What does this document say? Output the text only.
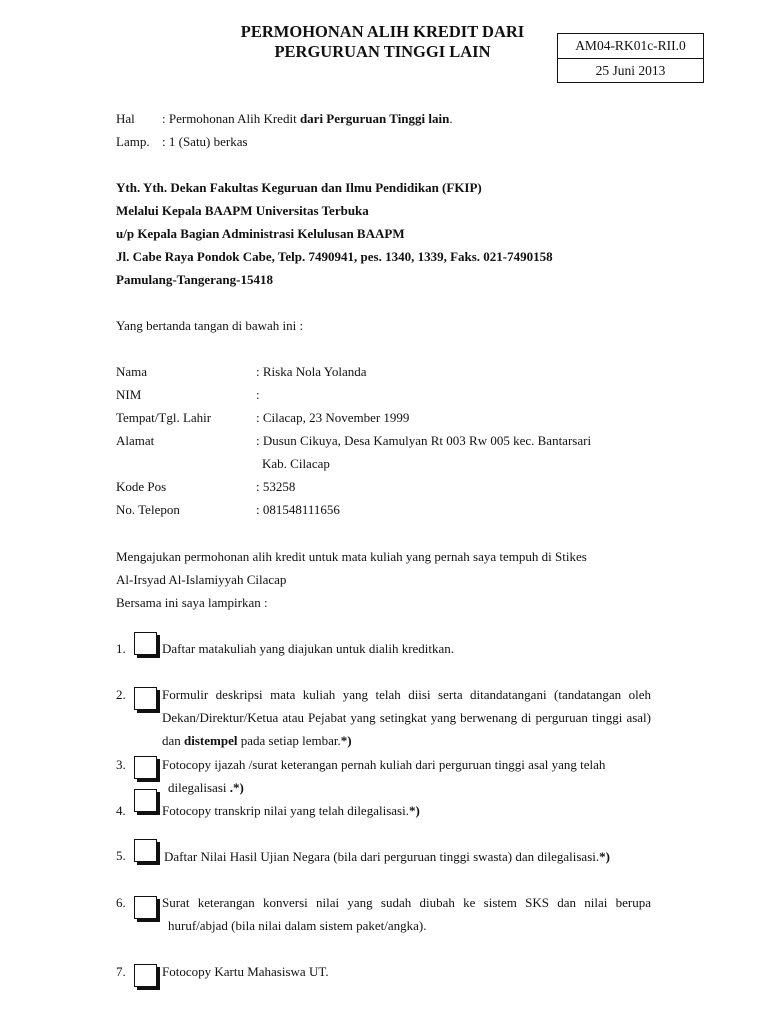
PERMOHONAN ALIH KREDIT DARI
PERGURUAN TINGGI LAIN	AM04-RK01c-RII.0
25 Juni 2013
Hal : Permohonan Alih Kredit dari Perguruan Tinggi lain.
Lamp. : 1 (Satu) berkas
Yth. Yth. Dekan Fakultas Keguruan dan Ilmu Pendidikan (FKIP)
Melalui Kepala BAAPM Universitas Terbuka
u/p Kepala Bagian Administrasi Kelulusan BAAPM
Jl. Cabe Raya Pondok Cabe, Telp. 7490941, pes. 1340, 1339, Faks. 021-7490158
Pamulang-Tangerang-15418
Yang bertanda tangan di bawah ini :
Nama	: Riska Nola Yolanda
NIM	:
Tempat/Tgl. Lahir	: Cilacap, 23 November 1999
Alamat	: Dusun Cikuya, Desa Kamulyan Rt 003 Rw 005 kec. Bantarsari
Kab. Cilacap
Kode Pos	: 53258
No. Telepon	: 081548111656
Mengajukan permohonan alih kredit untuk mata kuliah yang pernah saya tempuh di Stikes
Al-Irsyad Al-Islamiyyah Cilacap
Bersama ini saya lampirkan :
1.	Daftar matakuliah yang diajukan untuk dialih kreditkan.
2.	Formulir deskripsi mata kuliah yang telah diisi serta ditandatangani (tandatangan oleh Dekan/Direktur/Ketua atau Pejabat yang setingkat yang berwenang di perguruan tinggi asal) dan distempel pada setiap lembar.*)
3.	Fotocopy ijazah /surat keterangan pernah kuliah dari perguruan tinggi asal yang telah
dilegalisasi .*)
4.	Fotocopy transkrip nilai yang telah dilegalisasi.*)
5.	Daftar Nilai Hasil Ujian Negara (bila dari perguruan tinggi swasta) dan dilegalisasi.*)
6.	Surat keterangan konversi nilai yang sudah diubah ke sistem SKS dan nilai berupa
huruf/abjad (bila nilai dalam sistem paket/angka).
7.	Fotocopy Kartu Mahasiswa UT.
